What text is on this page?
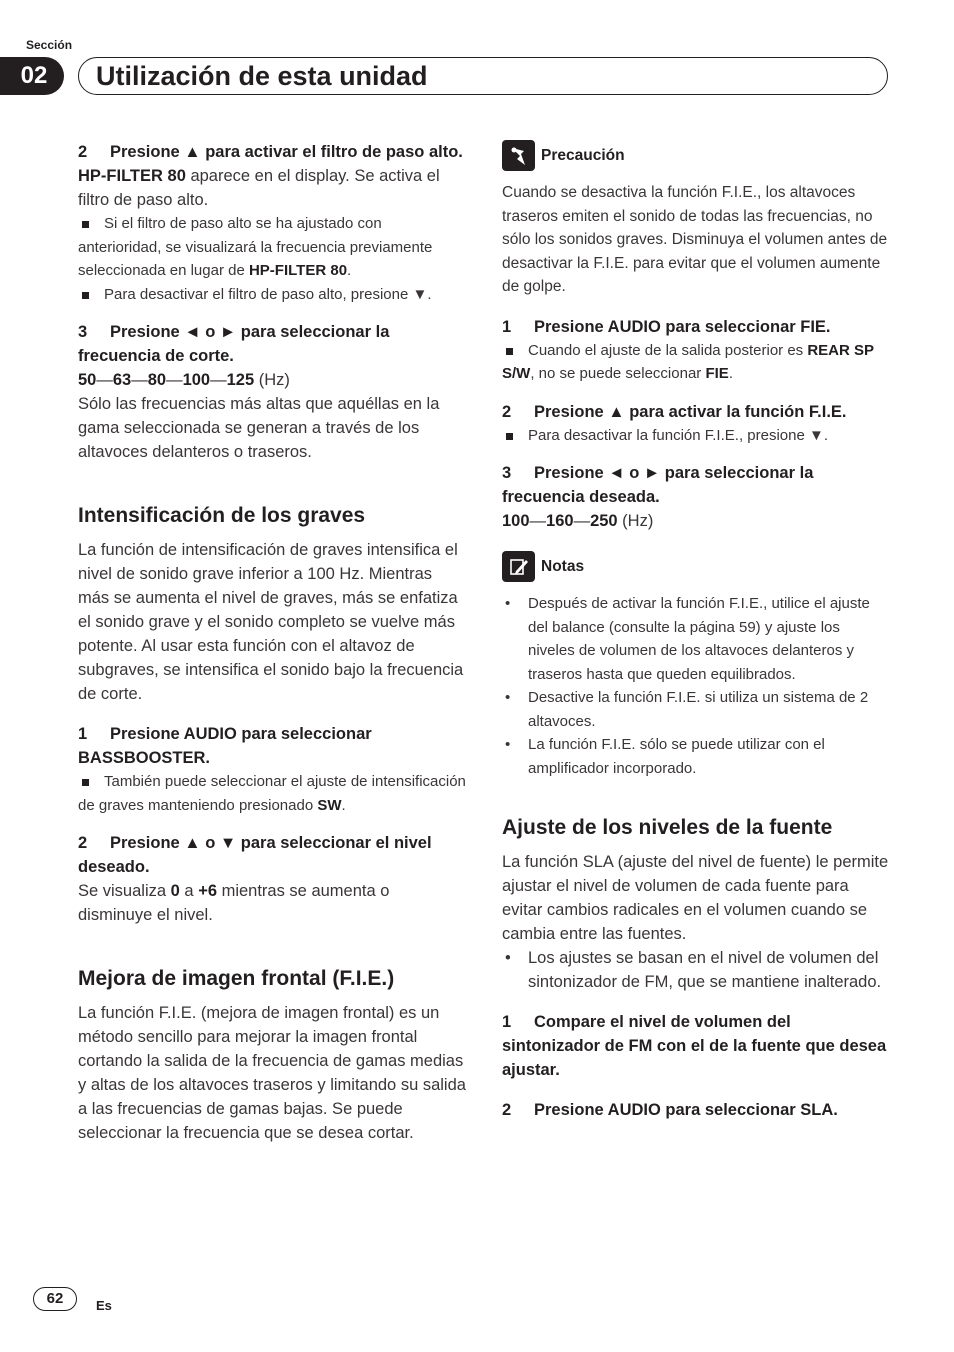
Sección
02	Utilización de esta unidad

2 Presione ▲ para activar el filtro de paso alto.

HP-FILTER 80 aparece en el display. Se activa el filtro de paso alto.

Si el filtro de paso alto se ha ajustado con anterioridad, se visualizará la frecuencia previamente seleccionada en lugar de HP-FILTER 80.

Para desactivar el filtro de paso alto, presione ▼.

3 Presione ◄ o ► para seleccionar la frecuencia de corte.

50—63—80—100—125 (Hz)

Sólo las frecuencias más altas que aquéllas en la gama seleccionada se generan a través de los altavoces delanteros o traseros.

Intensificación de los graves

La función de intensificación de graves intensifica el nivel de sonido grave inferior a 100 Hz. Mientras más se aumenta el nivel de graves, más se enfatiza el sonido grave y el sonido completo se vuelve más potente. Al usar esta función con el altavoz de subgraves, se intensifica el sonido bajo la frecuencia de corte.

1 Presione AUDIO para seleccionar BASSBOOSTER.

También puede seleccionar el ajuste de intensificación de graves manteniendo presionado SW.

2 Presione ▲ o ▼ para seleccionar el nivel deseado.

Se visualiza 0 a +6 mientras se aumenta o disminuye el nivel.

Mejora de imagen frontal (F.I.E.)

La función F.I.E. (mejora de imagen frontal) es un método sencillo para mejorar la imagen frontal cortando la salida de la frecuencia de gamas medias y altas de los altavoces traseros y limitando su salida a las frecuencias de gamas bajas. Se puede seleccionar la frecuencia que se desea cortar.

Precaución

Cuando se desactiva la función F.I.E., los altavoces traseros emiten el sonido de todas las frecuencias, no sólo los sonidos graves. Disminuya el volumen antes de desactivar la F.I.E. para evitar que el volumen aumente de golpe.

1 Presione AUDIO para seleccionar FIE.

Cuando el ajuste de la salida posterior es REAR SP S/W, no se puede seleccionar FIE.

2 Presione ▲ para activar la función F.I.E.

Para desactivar la función F.I.E., presione ▼.

3 Presione ◄ o ► para seleccionar la frecuencia deseada.

100—160—250 (Hz)

Notas

• Después de activar la función F.I.E., utilice el ajuste del balance (consulte la página 59) y ajuste los niveles de volumen de los altavoces delanteros y traseros hasta que queden equilibrados.

• Desactive la función F.I.E. si utiliza un sistema de 2 altavoces.

• La función F.I.E. sólo se puede utilizar con el amplificador incorporado.

Ajuste de los niveles de la fuente

La función SLA (ajuste del nivel de fuente) le permite ajustar el nivel de volumen de cada fuente para evitar cambios radicales en el volumen cuando se cambia entre las fuentes.

• Los ajustes se basan en el nivel de volumen del sintonizador de FM, que se mantiene inalterado.

1 Compare el nivel de volumen del sintonizador de FM con el de la fuente que desea ajustar.

2 Presione AUDIO para seleccionar SLA.

62	Es
